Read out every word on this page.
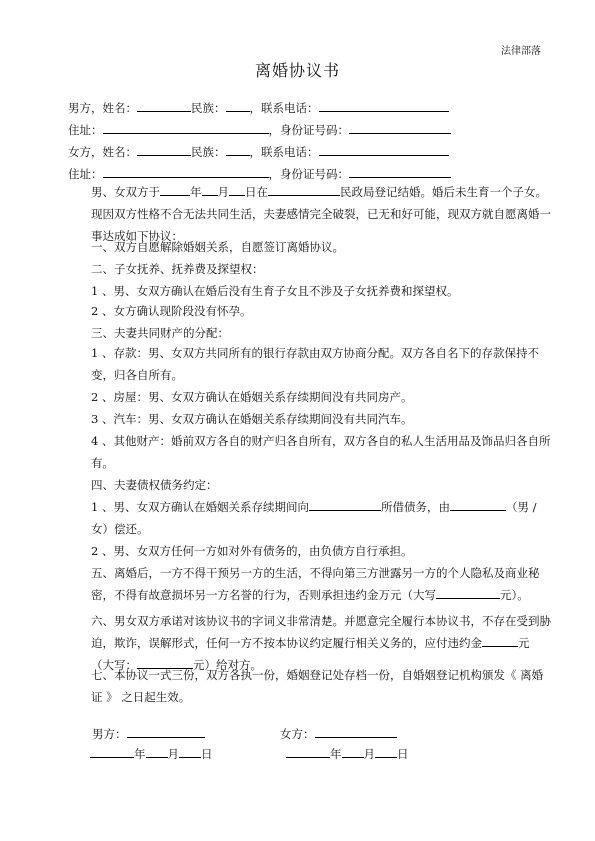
法律部落
离婚协议书
男方，姓名：	民族： ，联系电话：
住址：	，身份证号码：
女方，姓名：	民族： ，联系电话：
住址：	，身份证号码：
男、女双方于	年 月 日在	民政局登记结婚。婚后未生育一个子女。现因双方性格不合无法共同生活，夫妻感情完全破裂，已无和好可能，现双方就自愿离婚一事达成如下协议：
一、双方自愿解除婚姻关系，自愿签订离婚协议。
二、子女抚养、抚养费及探望权：
1 、男、女双方确认在婚后没有生育子女且不涉及子女抚养费和探望权。
2 、女方确认现阶段没有怀孕。
三、夫妻共同财产的分配：
1 、存款：男、女双方共同所有的银行存款由双方协商分配。双方各自名下的存款保持不变，归各自所有。
2 、房屋：男、女双方确认在婚姻关系存续期间没有共同房产。
3 、汽车：男、女双方确认在婚姻关系存续期间没有共同汽车。
4 、其他财产：婚前双方各自的财产归各自所有，双方各自的私人生活用品及饰品归各自所有。
四、夫妻债权债务约定：
1 、男、女双方确认在婚姻关系存续期间向	所借债务，由	（男 / 女）偿还。
2 、男、女双方任何一方如对外有债务的，由负债方自行承担。
五、离婚后，一方不得干预另一方的生活，不得向第三方泄露另一方的个人隐私及商业秘密，不得有故意损坏另一方名誉的行为，否则承担违约金万元（大写	元）。
六、男女双方承诺对该协议书的字词义非常清楚。并愿意完全履行本协议书，不存在受到胁迫，欺诈，误解形式，任何一方不按本协议约定履行相关义务的，应付违约金	元（大写：	元）给对方。
七、本协议一式三份，双方各执一份，婚姻登记处存档一份，自婚姻登记机构颁发《 离婚证 》 之日起生效。
男方：	女方：
年 月 日	年 月 日
